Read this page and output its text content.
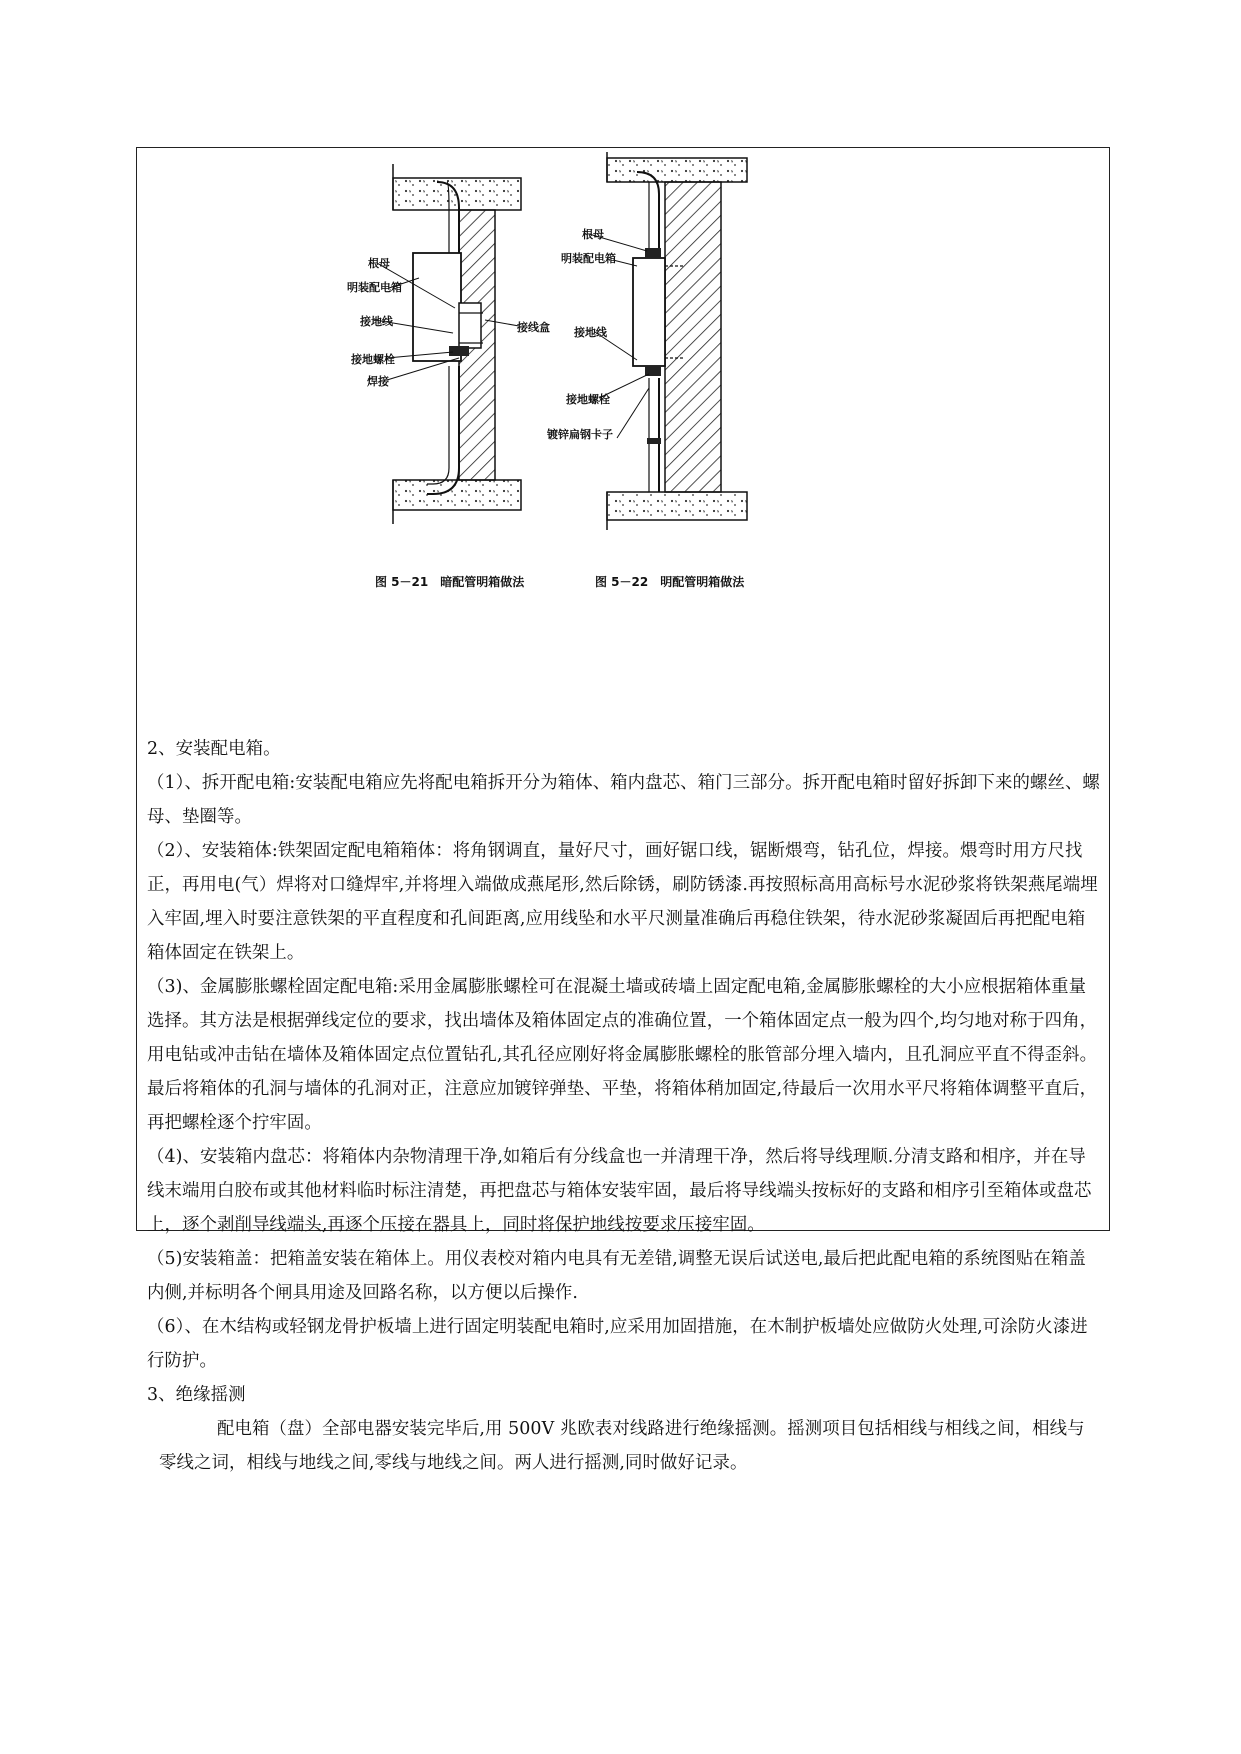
根母
明装配电箱
接地线
接地螺栓
焊接
接线盒
图 5－21　暗配管明箱做法
根母
明装配电箱
接地线
接地螺栓
镀锌扁钢卡子
图 5－22　明配管明箱做法

2、安装配电箱。

（1）、拆开配电箱:安装配电箱应先将配电箱拆开分为箱体、箱内盘芯、箱门三部分。拆开配电箱时留好拆卸下来的螺丝、螺母、垫圈等。

（2）、安装箱体:铁架固定配电箱箱体：将角钢调直，量好尺寸，画好锯口线，锯断煨弯，钻孔位，焊接。煨弯时用方尺找正，再用电(气）焊将对口缝焊牢,并将埋入端做成燕尾形,然后除锈，刷防锈漆.再按照标高用高标号水泥砂浆将铁架燕尾端埋入牢固,埋入时要注意铁架的平直程度和孔间距离,应用线坠和水平尺测量准确后再稳住铁架，待水泥砂浆凝固后再把配电箱箱体固定在铁架上。

（3)、金属膨胀螺栓固定配电箱:采用金属膨胀螺栓可在混凝土墙或砖墙上固定配电箱,金属膨胀螺栓的大小应根据箱体重量选择。其方法是根据弹线定位的要求，找出墙体及箱体固定点的准确位置，一个箱体固定点一般为四个,均匀地对称于四角，用电钻或冲击钻在墙体及箱体固定点位置钻孔,其孔径应刚好将金属膨胀螺栓的胀管部分埋入墙内，且孔洞应平直不得歪斜。最后将箱体的孔洞与墙体的孔洞对正，注意应加镀锌弹垫、平垫，将箱体稍加固定,待最后一次用水平尺将箱体调整平直后，再把螺栓逐个拧牢固。

（4)、安装箱内盘芯：将箱体内杂物清理干净,如箱后有分线盒也一并清理干净，然后将导线理顺.分清支路和相序，并在导线末端用白胶布或其他材料临时标注清楚，再把盘芯与箱体安装牢固，最后将导线端头按标好的支路和相序引至箱体或盘芯上，逐个剥削导线端头,再逐个压接在器具上，同时将保护地线按要求压接牢固。

（5)安装箱盖：把箱盖安装在箱体上。用仪表校对箱内电具有无差错,调整无误后试送电,最后把此配电箱的系统图贴在箱盖内侧,并标明各个闸具用途及回路名称，以方便以后操作.

（6）、在木结构或轻钢龙骨护板墙上进行固定明装配电箱时,应采用加固措施，在木制护板墙处应做防火处理,可涂防火漆进行防护。

3、绝缘摇测

配电箱（盘）全部电器安装完毕后,用 500V 兆欧表对线路进行绝缘摇测。摇测项目包括相线与相线之间，相线与零线之词，相线与地线之间,零线与地线之间。两人进行摇测,同时做好记录。
